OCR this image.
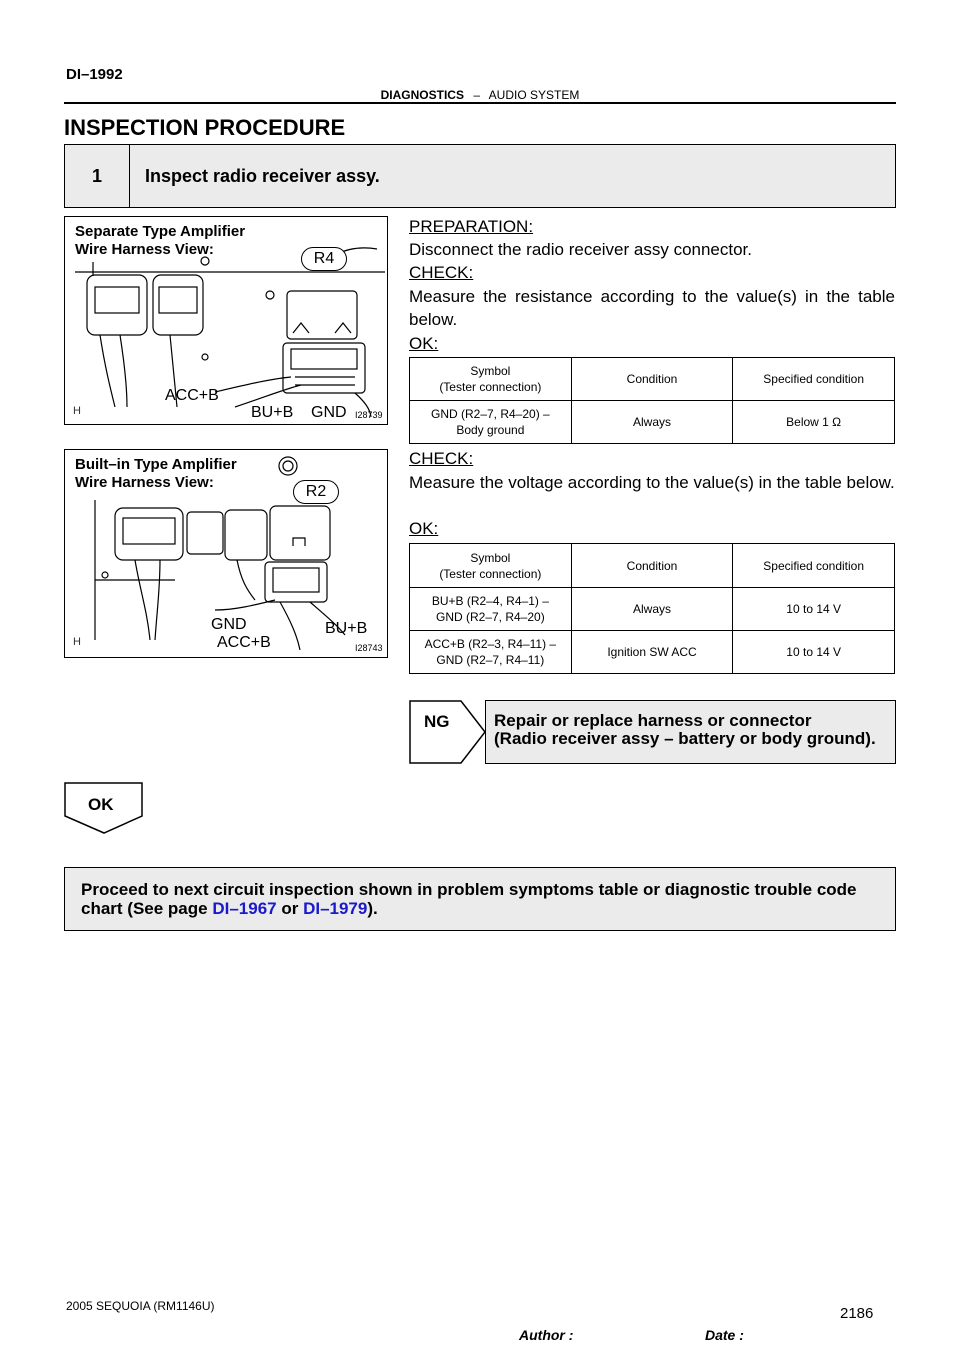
DI–1992
DIAGNOSTICS – AUDIO SYSTEM
INSPECTION PROCEDURE
1	Inspect radio receiver assy.
Separate Type Amplifier
Wire Harness View:
R4
ACC+B
BU+B GND I28739
H
Built–in Type Amplifier
Wire Harness View:
R2
GND
ACC+B
BU+B
I28743
H
PREPARATION:
Disconnect the radio receiver assy connector.
CHECK:
Measure the resistance according to the value(s) in the table below.
OK:
Symbol
(Tester connection)	Condition	Specified condition

GND (R2–7, R4–20) –
Body ground	Always	Below 1 Ω
CHECK:
Measure the voltage according to the value(s) in the table below.
OK:
Symbol
(Tester connection)	Condition	Specified condition

BU+B (R2–4, R4–1) –
GND (R2–7, R4–20)	Always	10 to 14 V

ACC+B (R2–3, R4–11) –
GND (R2–7, R4–11)	Ignition SW ACC	10 to 14 V
NG	Repair or replace harness or connector
(Radio receiver assy – battery or body ground).
OK
Proceed to next circuit inspection shown in problem symptoms table or diagnostic trouble code
chart (See page DI–1967 or DI–1979).
2005 SEQUOIA (RM1146U)	2186
Author :	Date :
